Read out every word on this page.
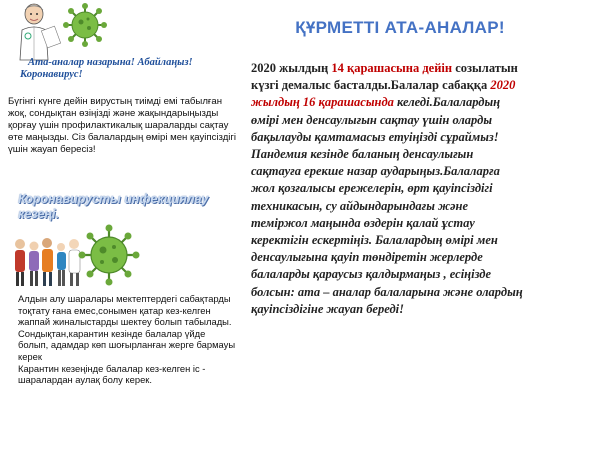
Ата-аналар назарына! Абайлаңыз!
Коронавирус!
Бүгінгі күнге дейін вирустың тиімді емі табылған жоқ, сондықтан өзіңізді және жақындарыңызды қорғау үшін профилактикалық шараларды сақтау өте маңызды. Сіз балалардың өмірі мен қауіпсіздігі үшін жауап бересіз!
Коронавирусты инфекциялау
кезеңі.
Алдын алу шаралары мектептердегі сабақтарды тоқтату ғана емес,сонымен қатар кез-келген жаппай жиналыстарды шектеу болып табылады.
Сондықтан,карантин кезінде балалар үйде болып, адамдар көп шоғырланған жерге бармауы керек
Карантин кезеңінде балалар кез-келген іс - шаралардан аулақ болу керек.
ҚҰРМЕТТІ АТА-АНАЛАР!
2020 жылдың 14 қарашасына дейін созылатын күзгі демалыс басталды.Балалар сабаққа 2020 жылдың 16 қарашасында келеді.Балалардың өмірі мен денсаулығын сақтау үшін оларды бақылауды қамтамасыз етуіңізді сұраймыз!Пандемия кезінде баланың денсаулығын сақтауға ерекше назар аударыңыз.Балаларға жол қозғалысы ережелерін, өрт қауіпсіздігі техникасын, су айдындарындағы және теміржол маңында өздерін қалай ұстау керектігін ескертіңіз. Балалардың өмірі мен денсаулығына қауіп төндіретін жерлерде балаларды қараусыз қалдырмаңыз , есіңізде болсын: ата – аналар балаларына және олардың қауіпсіздігіне жауап береді!
